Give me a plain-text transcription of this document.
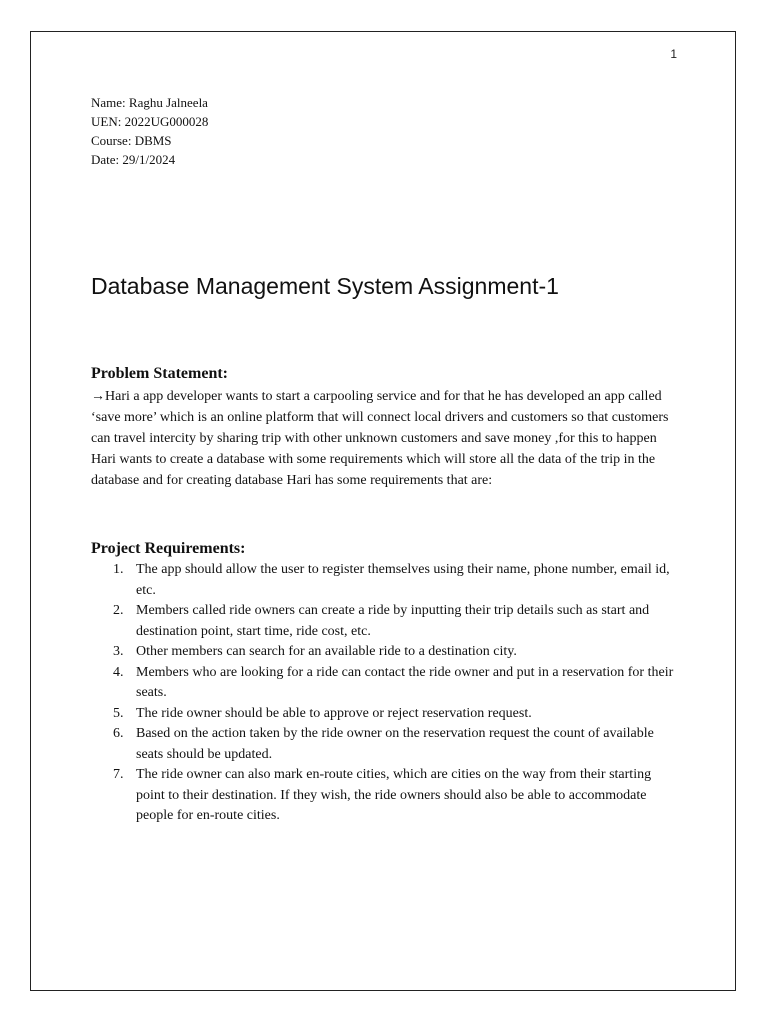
1
Name: Raghu Jalneela
UEN: 2022UG000028
Course: DBMS
Date: 29/1/2024
Database Management System Assignment-1
Problem Statement:

→Hari a app developer wants to start a carpooling service and for that he has developed an app called ‘save more’ which is an online platform that will connect local drivers and customers so that customers can travel intercity by sharing trip with other unknown customers and save money ,for this to happen Hari wants to create a database with some requirements which will store all the data of the trip in the database and for creating database Hari has some requirements that are:

Project Requirements:
1. The app should allow the user to register themselves using their name, phone number, email id, etc.
2. Members called ride owners can create a ride by inputting their trip details such as start and destination point, start time, ride cost, etc.
3. Other members can search for an available ride to a destination city.
4. Members who are looking for a ride can contact the ride owner and put in a reservation for their seats.
5. The ride owner should be able to approve or reject reservation request.
6. Based on the action taken by the ride owner on the reservation request the count of available seats should be updated.
7. The ride owner can also mark en-route cities, which are cities on the way from their starting point to their destination. If they wish, the ride owners should also be able to accommodate people for en-route cities.
